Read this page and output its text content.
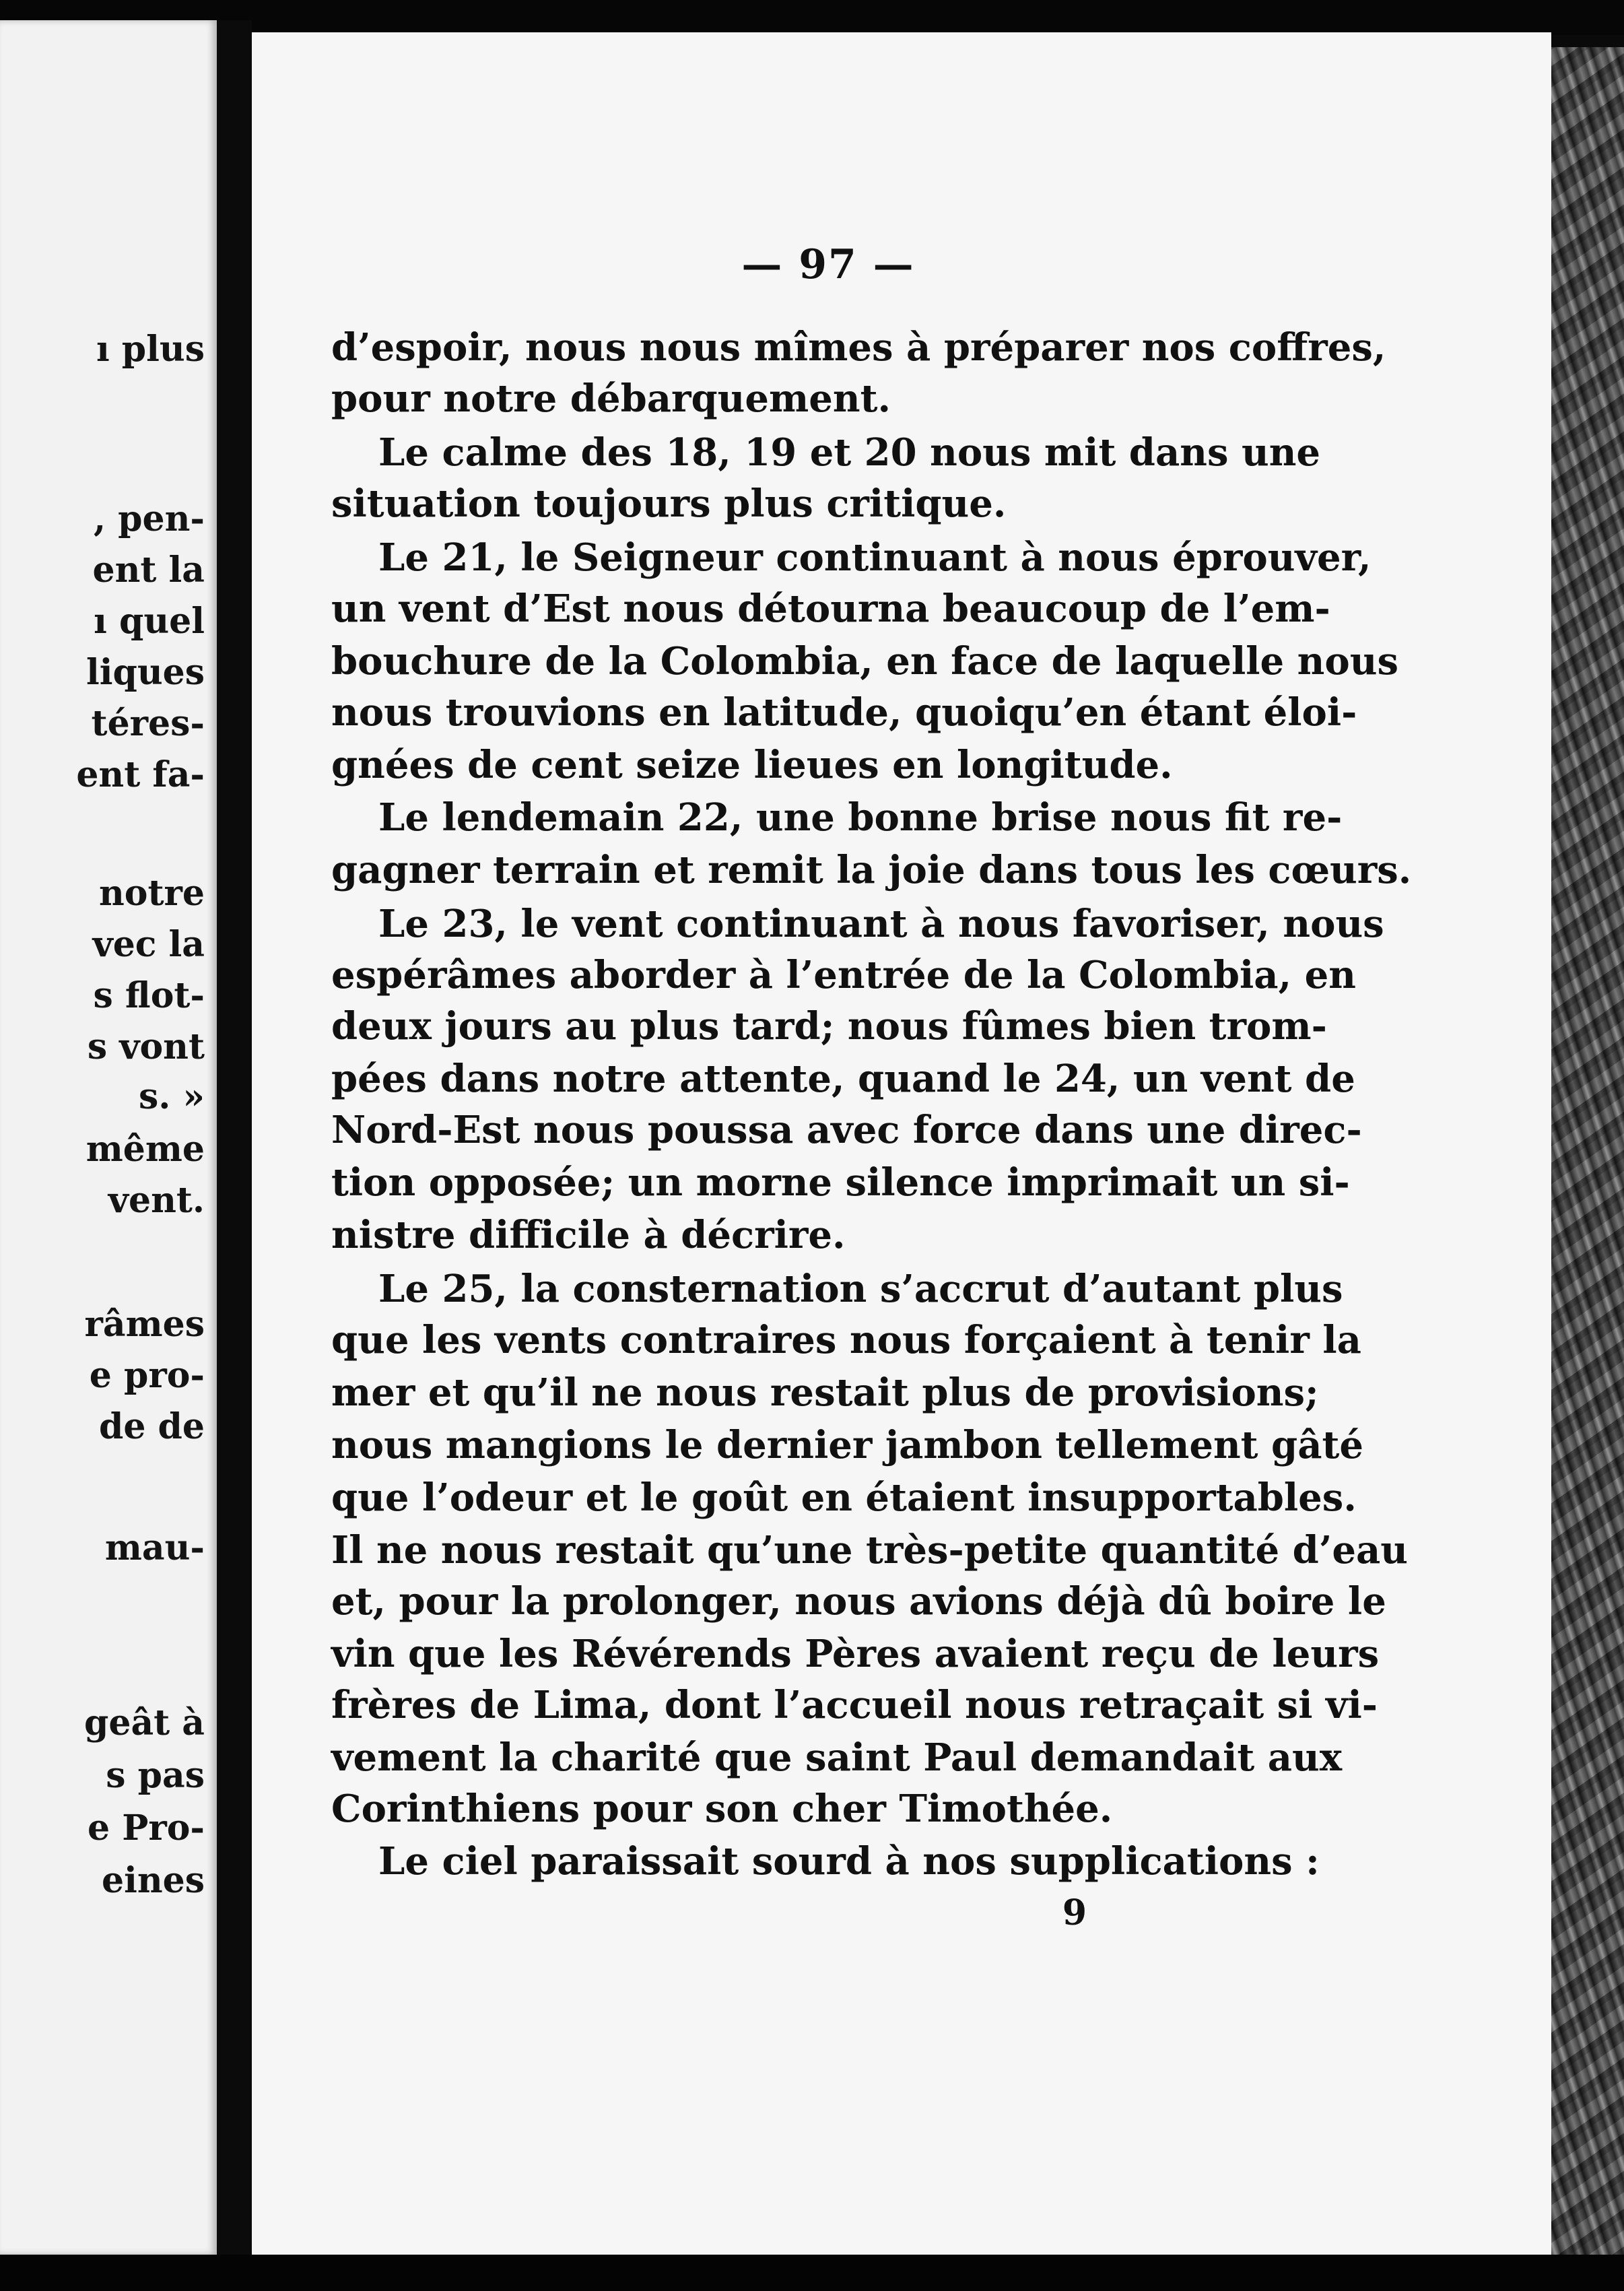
ı plus
, pen-
ent la
ı quel
liques
téres-
ent fa-
notre
vec la
s flot-
s vont
s. »
même
vent.
râmes
e pro-
de de
mau-
geât à
s pas
e Pro-
eines
— 97 —
d’espoir, nous nous mîmes à préparer nos coffres,
pour notre débarquement.
Le calme des 18, 19 et 20 nous mit dans une
situation toujours plus critique.
Le 21, le Seigneur continuant à nous éprouver,
un vent d’Est nous détourna beaucoup de l’em-
bouchure de la Colombia, en face de laquelle nous
nous trouvions en latitude, quoiqu’en étant éloi-
gnées de cent seize lieues en longitude.
Le lendemain 22, une bonne brise nous fit re-
gagner terrain et remit la joie dans tous les cœurs.
Le 23, le vent continuant à nous favoriser, nous
espérâmes aborder à l’entrée de la Colombia, en
deux jours au plus tard; nous fûmes bien trom-
pées dans notre attente, quand le 24, un vent de
Nord-Est nous poussa avec force dans une direc-
tion opposée; un morne silence imprimait un si-
nistre difficile à décrire.
Le 25, la consternation s’accrut d’autant plus
que les vents contraires nous forçaient à tenir la
mer et qu’il ne nous restait plus de provisions;
nous mangions le dernier jambon tellement gâté
que l’odeur et le goût en étaient insupportables.
Il ne nous restait qu’une très-petite quantité d’eau
et, pour la prolonger, nous avions déjà dû boire le
vin que les Révérends Pères avaient reçu de leurs
frères de Lima, dont l’accueil nous retraçait si vi-
vement la charité que saint Paul demandait aux
Corinthiens pour son cher Timothée.
Le ciel paraissait sourd à nos supplications :
9
